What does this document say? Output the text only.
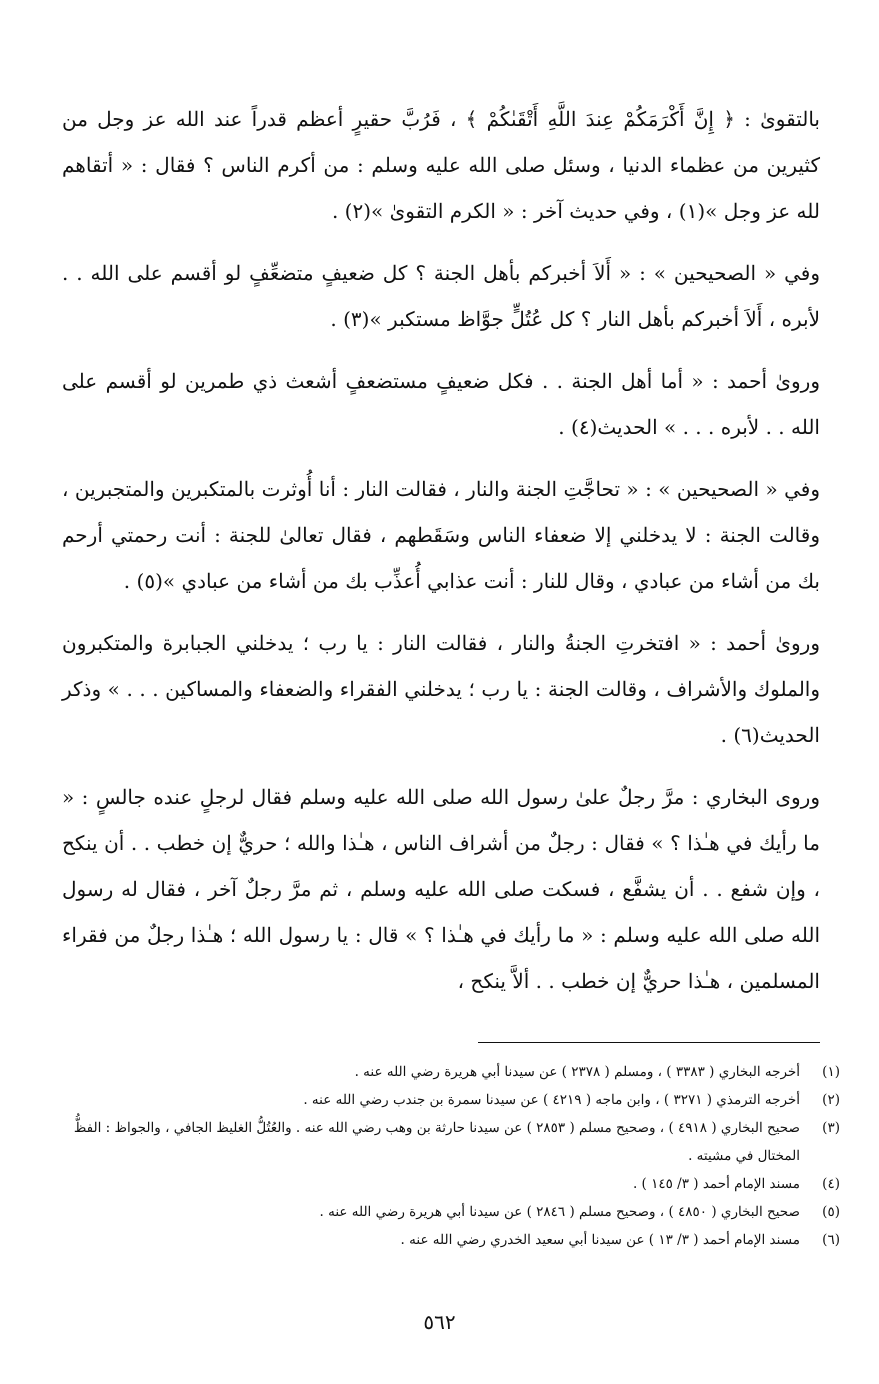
بالتقوىٰ : ﴿ إِنَّ أَكْرَمَكُمْ عِندَ اللَّهِ أَتْقَىٰكُمْ ﴾ ، فَرُبَّ حقيرٍ أعظم قدراً عند الله عز وجل من كثيرين من عظماء الدنيا ، وسئل صلى الله عليه وسلم : من أكرم الناس ؟ فقال : « أتقاهم لله عز وجل »(١) ، وفي حديث آخر : « الكرم التقوىٰ »(٢) .

وفي « الصحيحين » : « أَلاَ أخبركم بأهل الجنة ؟ كل ضعيفٍ متضعِّفٍ لو أقسم على الله . . لأبره ، أَلاَ أخبركم بأهل النار ؟ كل عُتُلٍّ جوَّاظ مستكبر »(٣) .

وروىٰ أحمد : « أما أهل الجنة . . فكل ضعيفٍ مستضعفٍ أشعث ذي طمرين لو أقسم على الله . . لأبره . . . » الحديث(٤) .

وفي « الصحيحين » : « تحاجَّتِ الجنة والنار ، فقالت النار : أنا أُوثرت بالمتكبرين والمتجبرين ، وقالت الجنة : لا يدخلني إلا ضعفاء الناس وسَقَطهم ، فقال تعالىٰ للجنة : أنت رحمتي أرحم بك من أشاء من عبادي ، وقال للنار : أنت عذابي أُعذِّب بك من أشاء من عبادي »(٥) .

وروىٰ أحمد : « افتخرتِ الجنةُ والنار ، فقالت النار : يا رب ؛ يدخلني الجبابرة والمتكبرون والملوك والأشراف ، وقالت الجنة : يا رب ؛ يدخلني الفقراء والضعفاء والمساكين . . . » وذكر الحديث(٦) .

وروى البخاري : مرَّ رجلٌ علىٰ رسول الله صلى الله عليه وسلم فقال لرجلٍ عنده جالسٍ : « ما رأيك في هـٰذا ؟ » فقال : رجلٌ من أشراف الناس ، هـٰذا والله ؛ حريٌّ إن خطب . . أن ينكح ، وإن شفع . . أن يشفَّع ، فسكت صلى الله عليه وسلم ، ثم مرَّ رجلٌ آخر ، فقال له رسول الله صلى الله عليه وسلم : « ما رأيك في هـٰذا ؟ » قال : يا رسول الله ؛ هـٰذا رجلٌ من فقراء المسلمين ، هـٰذا حريٌّ إن خطب . . ألاَّ ينكح ،

(١)
أخرجه البخاري ( ٣٣٨٣ ) ، ومسلم ( ٢٣٧٨ ) عن سيدنا أبي هريرة رضي الله عنه .
(٢)
أخرجه الترمذي ( ٣٢٧١ ) ، وابن ماجه ( ٤٢١٩ ) عن سيدنا سمرة بن جندب رضي الله عنه .
(٣)
صحيح البخاري ( ٤٩١٨ ) ، وصحيح مسلم ( ٢٨٥٣ ) عن سيدنا حارثة بن وهب رضي الله عنه . والعُتُلُّ الغليظ الجافي ، والجواظ : الفظُّ المختال في مشيته .
(٤)
مسند الإمام أحمد ( ٣/ ١٤٥ ) .
(٥)
صحيح البخاري ( ٤٨٥٠ ) ، وصحيح مسلم ( ٢٨٤٦ ) عن سيدنا أبي هريرة رضي الله عنه .
(٦)
مسند الإمام أحمد ( ٣/ ١٣ ) عن سيدنا أبي سعيد الخدري رضي الله عنه .
٥٦٢
